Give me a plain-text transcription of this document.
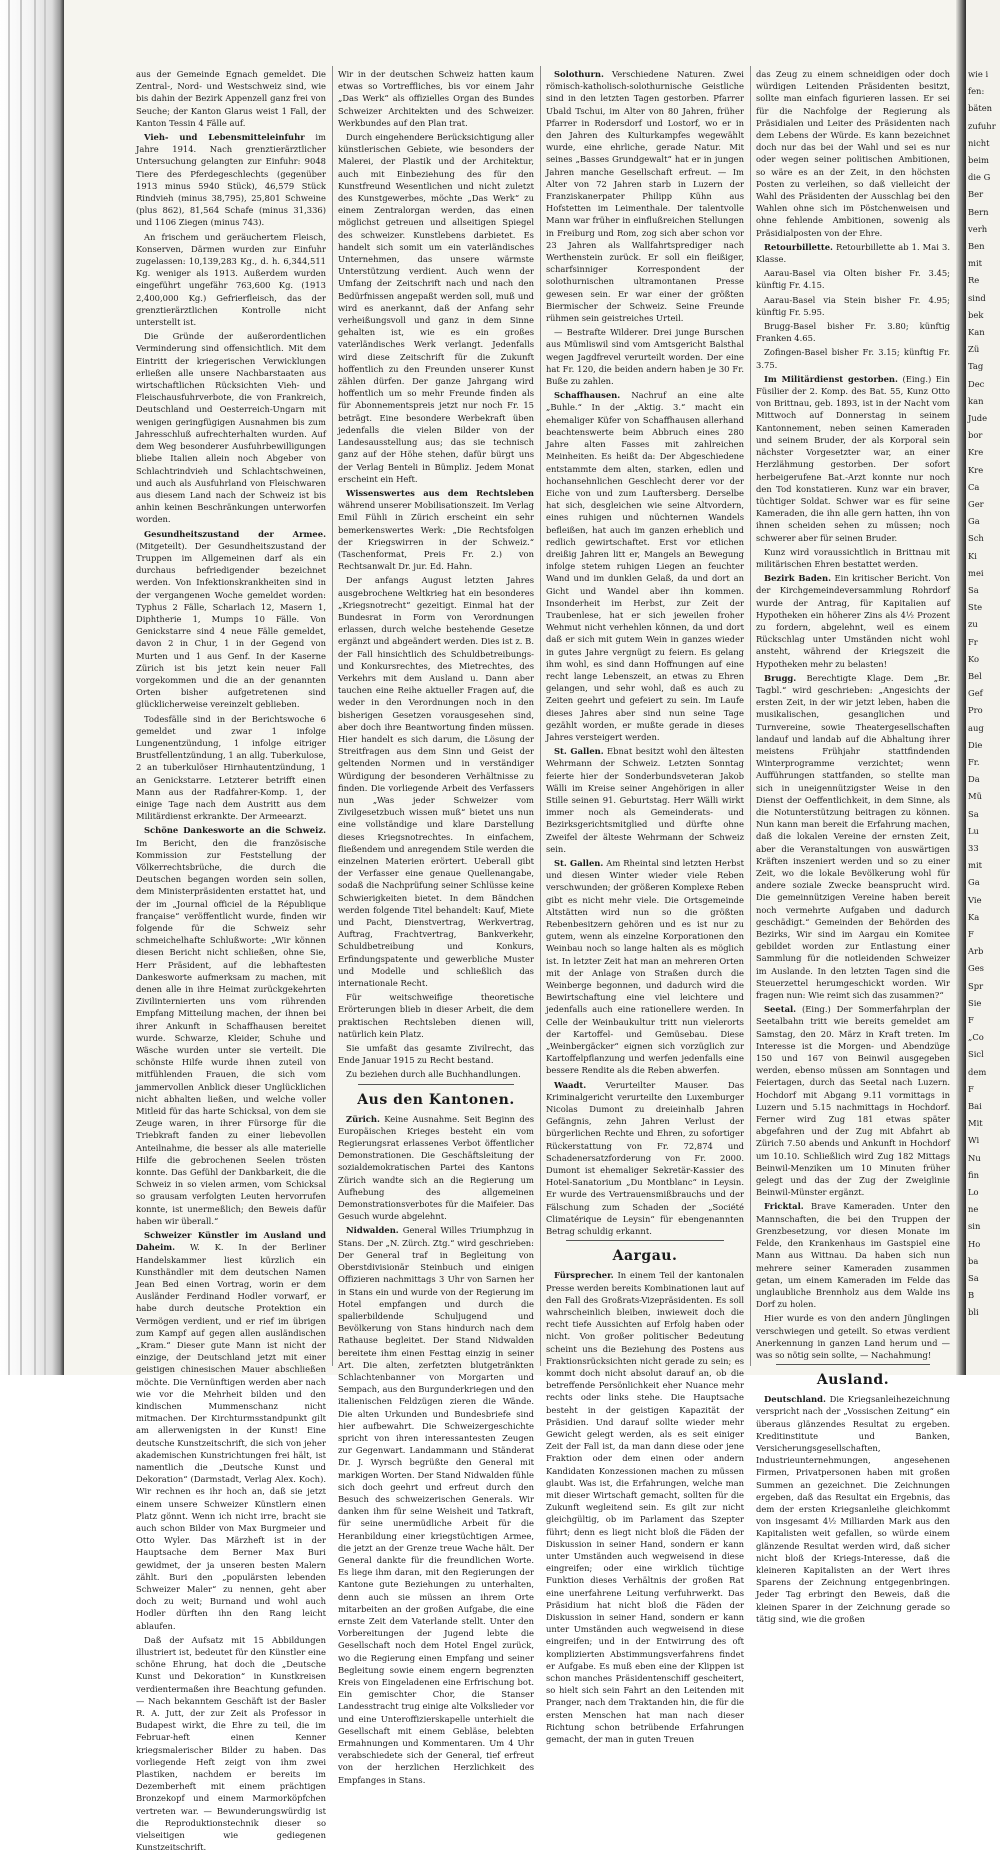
aus der Gemeinde Egnach gemeldet. Die Zentral-, Nord- und Westschweiz sind, wie bis dahin der Bezirk Appenzell ganz frei von Seuche; der Kanton Glarus weist 1 Fall, der Kanton Tessin 4 Fälle auf.

Vieh- und Lebensmitteleinfuhr im Jahre 1914. Nach grenztierärztlicher Untersuchung gelangten zur Einfuhr: 9048 Tiere des Pferdegeschlechts (gegenüber 1913 minus 5940 Stück), 46,579 Stück Rindvieh (minus 38,795), 25,801 Schweine (plus 862), 81,564 Schafe (minus 31,336) und 1106 Ziegen (minus 743).

An frischem und geräuchertem Fleisch, Konserven, Därmen wurden zur Einfuhr zugelassen: 10,139,283 Kg., d. h. 6,344,511 Kg. weniger als 1913. Außerdem wurden eingeführt ungefähr 763,600 Kg. (1913 2,400,000 Kg.) Gefrierfleisch, das der grenztierärztlichen Kontrolle nicht unterstellt ist.

Die Gründe der außerordentlichen Verminderung sind offensichtlich. Mit dem Eintritt der kriegerischen Verwicklungen erließen alle unsere Nachbarstaaten aus wirtschaftlichen Rücksichten Vieh- und Fleischausfuhrverbote, die von Frankreich, Deutschland und Oesterreich-Ungarn mit wenigen geringfügigen Ausnahmen bis zum Jahresschluß aufrechterhalten wurden. Auf dem Weg besonderer Ausfuhrbewilligungen bliebe Italien allein noch Abgeber von Schlachtrindvieh und Schlachtschweinen, und auch als Ausfuhrland von Fleischwaren aus diesem Land nach der Schweiz ist bis anhin keinen Beschränkungen unterworfen worden.

Gesundheitszustand der Armee. (Mitgeteilt). Der Gesundheitszustand der Truppen im Allgemeinen darf als ein durchaus befriedigender bezeichnet werden. Von Infektionskrankheiten sind in der vergangenen Woche gemeldet worden: Typhus 2 Fälle, Scharlach 12, Masern 1, Diphtherie 1, Mumps 10 Fälle. Von Genickstarre sind 4 neue Fälle gemeldet, davon 2 in Chur, 1 in der Gegend von Murten und 1 aus Genf. In der Kaserne Zürich ist bis jetzt kein neuer Fall vorgekommen und die an der genannten Orten bisher aufgetretenen sind glücklicherweise vereinzelt geblieben.

Todesfälle sind in der Berichtswoche 6 gemeldet und zwar 1 infolge Lungenentzündung, 1 infolge eitriger Brustfellentzündung, 1 an allg. Tuberkulose, 2 an tuberkulöser Hirnhautentzündung, 1 an Genickstarre. Letzterer betrifft einen Mann aus der Radfahrer-Komp. 1, der einige Tage nach dem Austritt aus dem Militärdienst erkrankte. Der Armeearzt.

Schöne Dankesworte an die Schweiz. Im Bericht, den die französische Kommission zur Feststellung der Völkerrechtsbrüche, die durch die Deutschen begangen worden sein sollen, dem Ministerpräsidenten erstattet hat, und der im „Journal officiel de la République française“ veröffentlicht wurde, finden wir folgende für die Schweiz sehr schmeichelhafte Schlußworte: „Wir können diesen Bericht nicht schließen, ohne Sie, Herr Präsident, auf die lebhaftesten Dankesworte aufmerksam zu machen, mit denen alle in ihre Heimat zurückgekehrten Zivilinternierten uns vom rührenden Empfang Mitteilung machen, der ihnen bei ihrer Ankunft in Schaffhausen bereitet wurde. Schwarze, Kleider, Schuhe und Wäsche wurden unter sie verteilt. Die schönste Hilfe wurde ihnen zuteil von mitfühlenden Frauen, die sich vom jammervollen Anblick dieser Unglücklichen nicht abhalten ließen, und welche voller Mitleid für das harte Schicksal, von dem sie Zeuge waren, in ihrer Fürsorge für die Triebkraft fanden zu einer liebevollen Anteilnahme, die besser als alle materielle Hilfe die gebrochenen Seelen trösten konnte. Das Gefühl der Dankbarkeit, die die Schweiz in so vielen armen, vom Schicksal so grausam verfolgten Leuten hervorrufen konnte, ist unermeßlich; den Beweis dafür haben wir überall.“

Schweizer Künstler im Ausland und Daheim. W. K. In der Berliner Handelskammer liest kürzlich ein Kunsthändler mit dem deutschen Namen Jean Bed einen Vortrag, worin er dem Ausländer Ferdinand Hodler vorwarf, er habe durch deutsche Protektion ein Vermögen verdient, und er rief im übrigen zum Kampf auf gegen allen ausländischen „Kram.“ Dieser gute Mann ist nicht der einzige, der Deutschland jetzt mit einer geistigen chinesischen Mauer abschließen möchte. Die Vernünftigen werden aber nach wie vor die Mehrheit bilden und den kindischen Mummenschanz nicht mitmachen. Der Kirchturmsstandpunkt gilt am allerwenigsten in der Kunst! Eine deutsche Kunstzeitschrift, die sich von jeher akademischen Kunstrichtungen frei hält, ist namentlich die „Deutsche Kunst und Dekoration“ (Darmstadt, Verlag Alex. Koch). Wir rechnen es ihr hoch an, daß sie jetzt einem unsere Schweizer Künstlern einen Platz gönnt. Wenn ich nicht irre, bracht sie auch schon Bilder von Max Burgmeier und Otto Wyler. Das Märzheft ist in der Hauptsache dem Berner Max Buri gewidmet, der ja unseren besten Malern zählt. Buri den „populärsten lebenden Schweizer Maler“ zu nennen, geht aber doch zu weit; Burnand und wohl auch Hodler dürften ihn den Rang leicht ablaufen.

Daß der Aufsatz mit 15 Abbildungen illustriert ist, bedeutet für den Künstler eine schöne Ehrung, hat doch die „Deutsche Kunst und Dekoration“ in Kunstkreisen verdientermaßen ihre Beachtung gefunden. — Nach bekanntem Geschäft ist der Basler R. A. Jutt, der zur Zeit als Professor in Budapest wirkt, die Ehre zu teil, die im Februar-heft einen Kenner kriegsmalerischer Bilder zu haben. Das vorliegende Heft zeigt von ihm zwei Plastiken, nachdem er bereits im Dezemberheft mit einem prächtigen Bronzekopf und einem Marmorköpfchen vertreten war. — Bewunderungswürdig ist die Reproduktionstechnik dieser so vielseitigen wie gediegenen Kunstzeitschrift.

Wir in der deutschen Schweiz hatten kaum etwas so Vortreffliches, bis vor einem Jahr „Das Werk“ als offizielles Organ des Bundes Schweizer Architekten und des Schweizer. Werkbundes auf den Plan trat.

Durch eingehendere Berücksichtigung aller künstlerischen Gebiete, wie besonders der Malerei, der Plastik und der Architektur, auch mit Einbeziehung des für den Kunstfreund Wesentlichen und nicht zuletzt des Kunstgewerbes, möchte „Das Werk“ zu einem Zentralorgan werden, das einen möglichst getreuen und allseitigen Spiegel des schweizer. Kunstlebens darbietet. Es handelt sich somit um ein vaterländisches Unternehmen, das unsere wärmste Unterstützung verdient. Auch wenn der Umfang der Zeitschrift nach und nach den Bedürfnissen angepaßt werden soll, muß und wird es anerkannt, daß der Anfang sehr verheißungsvoll und ganz in dem Sinne gehalten ist, wie es ein großes vaterländisches Werk verlangt. Jedenfalls wird diese Zeitschrift für die Zukunft hoffentlich zu den Freunden unserer Kunst zählen dürfen. Der ganze Jahrgang wird hoffentlich um so mehr Freunde finden als für Abonnementspreis jetzt nur noch Fr. 15 beträgt. Eine besondere Werbekraft üben jedenfalls die vielen Bilder von der Landesausstellung aus; das sie technisch ganz auf der Höhe stehen, dafür bürgt uns der Verlag Benteli in Bümpliz. Jedem Monat erscheint ein Heft.

Wissenswertes aus dem Rechtsleben während unserer Mobilisationszeit. Im Verlag Emil Fühli in Zürich erscheint ein sehr bemerkenswertes Werk: „Die Rechtsfolgen der Kriegswirren in der Schweiz.“ (Taschenformat, Preis Fr. 2.) von Rechtsanwalt Dr. jur. Ed. Hahn.

Der anfangs August letzten Jahres ausgebrochene Weltkrieg hat ein besonderes „Kriegsnotrecht“ gezeitigt. Einmal hat der Bundesrat in Form von Verordnungen erlassen, durch welche bestehende Gesetze ergänzt und abgeändert werden. Dies ist z. B. der Fall hinsichtlich des Schuldbetreibungs- und Konkursrechtes, des Mietrechtes, des Verkehrs mit dem Ausland u. Dann aber tauchen eine Reihe aktueller Fragen auf, die weder in den Verordnungen noch in den bisherigen Gesetzen vorausgesehen sind, aber doch ihre Beantwortung finden müssen. Hier handelt es sich darum, die Lösung der Streitfragen aus dem Sinn und Geist der geltenden Normen und in verständiger Würdigung der besonderen Verhältnisse zu finden. Die vorliegende Arbeit des Verfassers nun „Was jeder Schweizer vom Zivilgesetzbuch wissen muß“ bietet uns nun eine vollständige und klare Darstellung dieses Kriegsnotrechtes. In einfachem, fließendem und anregendem Stile werden die einzelnen Materien erörtert. Ueberall gibt der Verfasser eine genaue Quellenangabe, sodaß die Nachprüfung seiner Schlüsse keine Schwierigkeiten bietet. In dem Bändchen werden folgende Titel behandelt: Kauf, Miete und Pacht, Dienstvertrag, Werkvertrag, Auftrag, Frachtvertrag, Bankverkehr, Schuldbetreibung und Konkurs, Erfindungspatente und gewerbliche Muster und Modelle und schließlich das internationale Recht.

Für weitschweifige theoretische Erörterungen blieb in dieser Arbeit, die dem praktischen Rechtsleben dienen will, natürlich kein Platz.

Sie umfaßt das gesamte Zivilrecht, das Ende Januar 1915 zu Recht bestand.

Zu beziehen durch alle Buchhandlungen.

Aus den Kantonen.

Zürich. Keine Ausnahme. Seit Beginn des Europäischen Krieges besteht ein vom Regierungsrat erlassenes Verbot öffentlicher Demonstrationen. Die Geschäftsleitung der sozialdemokratischen Partei des Kantons Zürich wandte sich an die Regierung um Aufhebung des allgemeinen Demonstrationsverbotes für die Maifeier. Das Gesuch wurde abgelehnt.

Nidwalden. General Willes Triumphzug in Stans. Der „N. Zürch. Ztg.“ wird geschrieben: Der General traf in Begleitung von Oberstdivisionär Steinbuch und einigen Offizieren nachmittags 3 Uhr von Sarnen her in Stans ein und wurde von der Regierung im Hotel empfangen und durch die spalierbildende Schuljugend und Bevölkerung von Stans hindurch nach dem Rathause begleitet. Der Stand Nidwalden bereitete ihm einen Festtag einzig in seiner Art. Die alten, zerfetzten blutgetränkten Schlachtenbanner von Morgarten und Sempach, aus den Burgunderkriegen und den italienischen Feldzügen zieren die Wände. Die alten Urkunden und Bundesbriefe sind hier aufbewahrt. Die Schweizergeschichte spricht von ihren interessantesten Zeugen zur Gegenwart. Landammann und Ständerat Dr. J. Wyrsch begrüßte den General mit markigen Worten. Der Stand Nidwalden fühle sich doch geehrt und erfreut durch den Besuch des schweizerischen Generals. Wir danken ihm für seine Weisheit und Tatkraft, für seine unermüdliche Arbeit für die Heranbildung einer kriegstüchtigen Armee, die jetzt an der Grenze treue Wache hält. Der General dankte für die freundlichen Worte. Es liege ihm daran, mit den Regierungen der Kantone gute Beziehungen zu unterhalten, denn auch sie müssen an ihrem Orte mitarbeiten an der großen Aufgabe, die eine ernste Zeit dem Vaterlande stellt. Unter den Vorbereitungen der Jugend lebte die Gesellschaft noch dem Hotel Engel zurück, wo die Regierung einen Empfang und seiner Begleitung sowie einem engern begrenzten Kreis von Eingeladenen eine Erfrischung bot. Ein gemischter Chor, die Stanser Landesstracht trug einige alte Volkslieder vor und eine Unteroffizierskapelle unterhielt die Gesellschaft mit einem Gebläse, belebten Ermahnungen und Kommentaren. Um 4 Uhr verabschiedete sich der General, tief erfreut von der herzlichen Herzlichkeit des Empfanges in Stans.

Solothurn. Verschiedene Naturen. Zwei römisch-katholisch-solothurnische Geistliche sind in den letzten Tagen gestorben. Pfarrer Ubald Tschui, im Alter von 80 Jahren, früher Pfarrer in Rodersdorf und Lostorf, wo er in den Jahren des Kulturkampfes wegewählt wurde, eine ehrliche, gerade Natur. Mit seines „Basses Grundgewalt“ hat er in jungen Jahren manche Gesellschaft erfreut. — Im Alter von 72 Jahren starb in Luzern der Franziskanerpater Philipp Kühn aus Hofstetten im Leimenthale. Der talentvolle Mann war früher in einflußreichen Stellungen in Freiburg und Rom, zog sich aber schon vor 23 Jahren als Wallfahrtsprediger nach Werthenstein zurück. Er soll ein fleißiger, scharfsinniger Korrespondent der solothurnischen ultramontanen Presse gewesen sein. Er war einer der größten Biermischer der Schweiz. Seine Freunde rühmen sein geistreiches Urteil.

— Bestrafte Wilderer. Drei junge Burschen aus Mümliswil sind vom Amtsgericht Balsthal wegen Jagdfrevel verurteilt worden. Der eine hat Fr. 120, die beiden andern haben je 30 Fr. Buße zu zahlen.

Schaffhausen. Nachruf an eine alte „Buhle.“ In der „Aktig. 3.“ macht ein ehemaliger Küfer von Schaffhausen allerhand beachtenswerte beim Abbruch eines 280 Jahre alten Fasses mit zahlreichen Meinheiten. Es heißt da: Der Abgeschiedene entstammte dem alten, starken, edlen und hochansehnlichen Geschlecht derer vor der Eiche von und zum Lauftersberg. Derselbe hat sich, desgleichen wie seine Altvordern, eines ruhigen und nüchternen Wandels befleißen, hat auch im ganzen erheblich und redlich gewirtschaftet. Erst vor etlichen dreißig Jahren litt er, Mangels an Bewegung infolge stetem ruhigen Liegen an feuchter Wand und im dunklen Gelaß, da und dort an Gicht und Wandel aber ihn kommen. Insonderheit im Herbst, zur Zeit der Traubenlese, hat er sich jeweilen froher Wehmut nicht verhehlen können, da und dort daß er sich mit gutem Wein in ganzes wieder in gutes Jahre vergnügt zu feiern. Es gelang ihm wohl, es sind dann Hoffnungen auf eine recht lange Lebenszeit, an etwas zu Ehren gelangen, und sehr wohl, daß es auch zu Zeiten geehrt und gefeiert zu sein. Im Laufe dieses Jahres aber sind nun seine Tage gezählt worden, er mußte gerade in dieses Jahres versteigert werden.

St. Gallen. Ebnat besitzt wohl den ältesten Wehrmann der Schweiz. Letzten Sonntag feierte hier der Sonderbundsveteran Jakob Wälli im Kreise seiner Angehörigen in aller Stille seinen 91. Geburtstag. Herr Wälli wirkt immer noch als Gemeinderats- und Bezirksgerichtsmitglied und dürfte ohne Zweifel der älteste Wehrmann der Schweiz sein.

St. Gallen. Am Rheintal sind letzten Herbst und diesen Winter wieder viele Reben verschwunden; der größeren Komplexe Reben gibt es nicht mehr viele. Die Ortsgemeinde Altstätten wird nun so die größten Rebenbesitzern gehören und es ist nur zu gutem, wenn als einzelne Korporationen den Weinbau noch so lange halten als es möglich ist. In letzter Zeit hat man an mehreren Orten mit der Anlage von Straßen durch die Weinberge begonnen, und dadurch wird die Bewirtschaftung eine viel leichtere und jedenfalls auch eine rationellere werden. In Celle der Weinbaukultur tritt nun vielerorts der Kartoffel- und Gemüsebau. Diese „Weinbergäcker“ eignen sich vorzüglich zur Kartoffelpflanzung und werfen jedenfalls eine bessere Rendite als die Reben abwerfen.

Waadt. Verurteilter Mauser. Das Kriminalgericht verurteilte den Luxemburger Nicolas Dumont zu dreieinhalb Jahren Gefängnis, zehn Jahren Verlust der bürgerlichen Rechte und Ehren, zu sofortiger Rückerstattung von Fr. 72,874 und Schadenersatzforderung von Fr. 2000. Dumont ist ehemaliger Sekretär-Kassier des Hotel-Sanatorium „Du Montblanc“ in Leysin. Er wurde des Vertrauensmißbrauchs und der Fälschung zum Schaden der „Société Climatérique de Leysin“ für ebengenannten Betrag schuldig erkannt.

Aargau.

Fürsprecher. In einem Teil der kantonalen Presse werden bereits Kombinationen laut auf den Fall des Großrats-Vizepräsidenten. Es soll wahrscheinlich bleiben, inwieweit doch die recht tiefe Aussichten auf Erfolg haben oder nicht. Von großer politischer Bedeutung scheint uns die Beziehung des Postens aus Fraktionsrücksichten nicht gerade zu sein; es kommt doch nicht absolut darauf an, ob die betreffende Persönlichkeit eher Nuance mehr rechts oder links stehe. Die Hauptsache besteht in der geistigen Kapazität der Präsidien. Und darauf sollte wieder mehr Gewicht gelegt werden, als es seit einiger Zeit der Fall ist, da man dann diese oder jene Fraktion oder dem einen oder andern Kandidaten Konzessionen machen zu müssen glaubt. Was ist, die Erfahrungen, welche man mit dieser Wirtschaft gemacht, sollten für die Zukunft wegleitend sein. Es gilt zur nicht gleichgültig, ob im Parlament das Szepter führt; denn es liegt nicht bloß die Fäden der Diskussion in seiner Hand, sondern er kann unter Umständen auch wegweisend in diese eingreifen; oder eine wirklich tüchtige Funktion dieses Verhältnis der großen Rat eine unerfahrene Leitung verfuhrwerkt. Das Präsidium hat nicht bloß die Fäden der Diskussion in seiner Hand, sondern er kann unter Umständen auch wegweisend in diese eingreifen; und in der Entwirrung des oft komplizierten Abstimmungsverfahrens findet er Aufgabe. Es muß eben eine der Klippen ist schon manches Präsidentenschiff gescheitert, so hielt sich sein Fahrt an den Leitenden mit Pranger, nach dem Traktanden hin, die für die ersten Menschen hat man nach dieser Richtung schon betrübende Erfahrungen gemacht, der man in guten Treuen

das Zeug zu einem schneidigen oder doch würdigen Leitenden Präsidenten besitzt, sollte man einfach figurieren lassen. Er sei für die Nachfolge der Regierung als Präsidialen und Leiter des Präsidenten nach dem Lebens der Würde. Es kann bezeichnet doch nur das bei der Wahl und sei es nur oder wegen seiner politischen Ambitionen, so wäre es an der Zeit, in den höchsten Posten zu verleihen, so daß vielleicht der Wahl des Präsidenten der Ausschlag bei den Wahlen ohne sich im Pöstchenweisen und ohne fehlende Ambitionen, sowenig als Präsidialposten von der Ehre.

Retourbillette. Retourbillette ab 1. Mai 3. Klasse.

Aarau-Basel via Olten bisher Fr. 3.45; künftig Fr. 4.15.

Aarau-Basel via Stein bisher Fr. 4.95; künftig Fr. 5.95.

Brugg-Basel bisher Fr. 3.80; künftig Franken 4.65.

Zofingen-Basel bisher Fr. 3.15; künftig Fr. 3.75.

Im Militärdienst gestorben. (Eing.) Ein Füsilier der 2. Komp. des Bat. 55, Kunz Otto von Brittnau, geb. 1893, ist in der Nacht vom Mittwoch auf Donnerstag in seinem Kantonnement, neben seinen Kameraden und seinem Bruder, der als Korporal sein nächster Vorgesetzter war, an einer Herzlähmung gestorben. Der sofort herbeigerufene Bat.-Arzt konnte nur noch den Tod konstatieren. Kunz war ein braver, tüchtiger Soldat. Schwer war es für seine Kameraden, die ihn alle gern hatten, ihn von ihnen scheiden sehen zu müssen; noch schwerer aber für seinen Bruder.

Kunz wird voraussichtlich in Brittnau mit militärischen Ehren bestattet werden.

Bezirk Baden. Ein kritischer Bericht. Von der Kirchgemeindeversammlung Rohrdorf wurde der Antrag, für Kapitalien auf Hypotheken ein höherer Zins als 4½ Prozent zu fordern, abgelehnt, weil es einem Rückschlag unter Umständen nicht wohl ansteht, während der Kriegszeit die Hypotheken mehr zu belasten!

Brugg. Berechtigte Klage. Dem „Br. Tagbl.“ wird geschrieben: „Angesichts der ersten Zeit, in der wir jetzt leben, haben die musikalischen, gesanglichen und Turnvereine, sowie Theatergesellschaften landauf und landab auf die Abhaltung ihrer meistens Frühjahr stattfindenden Winterprogramme verzichtet; wenn Aufführungen stattfanden, so stellte man sich in uneigennützigster Weise in den Dienst der Oeffentlichkeit, in dem Sinne, als die Notunterstützung beitragen zu können. Nun kann man bereit die Erfahrung machen, daß die lokalen Vereine der ernsten Zeit, aber die Veranstaltungen von auswärtigen Kräften inszeniert werden und so zu einer Zeit, wo die lokale Bevölkerung wohl für andere soziale Zwecke beansprucht wird. Die gemeinnützigen Vereine haben bereit noch vermehrte Aufgaben und dadurch geschädigt.“ Gemeinden der Behörden des Bezirks, Wir sind im Aargau ein Komitee gebildet worden zur Entlastung einer Sammlung für die notleidenden Schweizer im Auslande. In den letzten Tagen sind die Steuerzettel herumgeschickt worden. Wir fragen nun: Wie reimt sich das zusammen?“

Seetal. (Eing.) Der Sommerfahrplan der Seetalbahn tritt wie bereits gemeldet am Samstag, den 20. März in Kraft treten. Im Interesse ist die Morgen- und Abendzüge 150 und 167 von Beinwil ausgegeben werden, ebenso müssen am Sonntagen und Feiertagen, durch das Seetal nach Luzern. Hochdorf mit Abgang 9.11 vormittags in Luzern und 5.15 nachmittags in Hochdorf. Ferner wird Zug 181 etwas später abgefahren und der Zug mit Abfahrt ab Zürich 7.50 abends und Ankunft in Hochdorf um 10.10. Schließlich wird Zug 182 Mittags Beinwil-Menziken um 10 Minuten früher gelegt und das der Zug der Zweiglinie Beinwil-Münster ergänzt.

Fricktal. Brave Kameraden. Unter den Mannschaften, die bei den Truppen der Grenzbesetzung, vor diesen Monate im Felde, den Krankenhaus im Gastspiel eine Mann aus Wittnau. Da haben sich nun mehrere seiner Kameraden zusammen getan, um einem Kameraden im Felde das unglaubliche Brennholz aus dem Walde ins Dorf zu holen.

Hier wurde es von den andern Jünglingen verschwiegen und geteilt. So etwas verdient Anerkennung in ganzen Land herum und — was so nötig sein sollte, — Nachahmung!

Ausland.

Deutschland. Die Kriegsanleihezeichnung verspricht nach der „Vossischen Zeitung“ ein überaus glänzendes Resultat zu ergeben. Kreditinstitute und Banken, Versicherungsgesellschaften, Industrieunternehmungen, angesehenen Firmen, Privatpersonen haben mit großen Summen an gezeichnet. Die Zeichnungen ergeben, daß das Resultat ein Ergebnis, das dem der ersten Kriegsanleihe gleichkommt von insgesamt 4½ Milliarden Mark aus den Kapitalisten weit gefallen, so würde einem glänzende Resultat werden wird, daß sicher nicht bloß der Kriegs-Interesse, daß die kleineren Kapitalisten an der Wert ihres Sparens der Zeichnung entgegenbringen. Jeder Tag erbringt den Beweis, daß die kleinen Sparer in der Zeichnung gerade so tätig sind, wie die großen

wie i
fen:
bäten
zufuhr
nicht
beim
die G
Ber
Bern
verh
Ben
mit
Re
sind
bek
Kan
Zü
Tag
Dec
kan
Jude
bor
Kre
Kre
Ca
Ger
Ga
Sch
Ki
mei
Sa
Ste
zu
Fr
Ko
Bel
Gef
Pro
aug
Die
Fr.
Da
Mü
Sa
Lu
33
mit
Ga
Vie
Ka
F
Arb
Ges
Spr
Sie
F
„Co
Sicl
dem
F
Bai
Mit
Wi
Nu
fin
Lo
ne
sin
Ho
ba
Sa
B
bli
